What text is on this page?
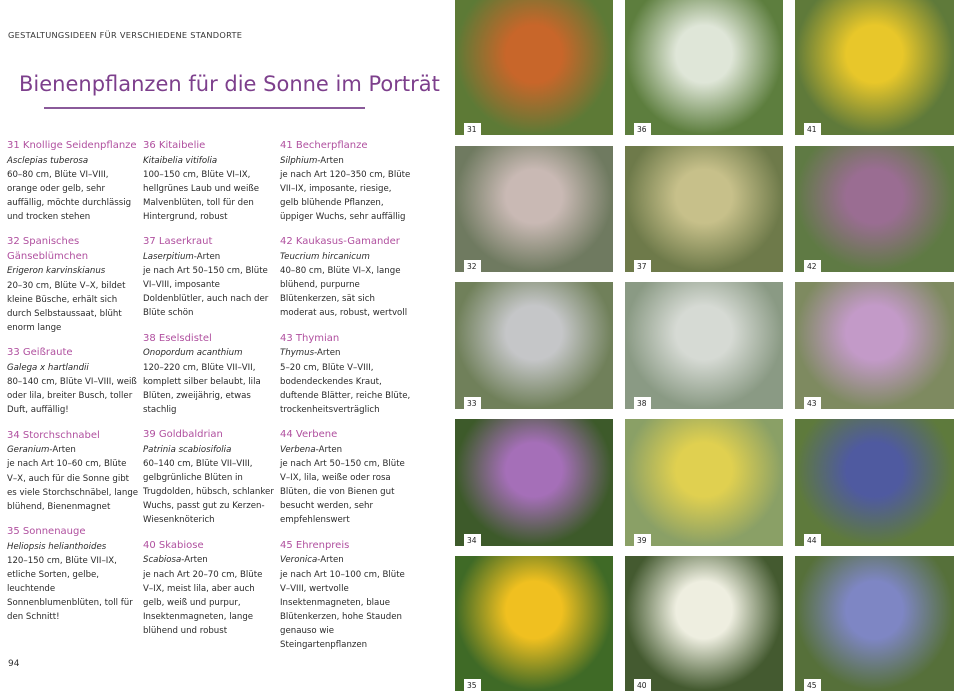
GESTALTUNGSIDEEN FÜR VERSCHIEDENE STANDORTE
Bienenpflanzen für die Sonne im Porträt
31 Knollige Seidenpflanze
Asclepias tuberosa
60–80 cm, Blüte VI–VIII, orange oder gelb, sehr auffällig, möchte durchlässig und trocken stehen
32 Spanisches Gänseblümchen
Erigeron karvinskianus
20–30 cm, Blüte V–X, bildet kleine Büsche, erhält sich durch Selbstaussaat, blüht enorm lange
33 Geißraute
Galega x hartlandii
80–140 cm, Blüte VI–VIII, weiß oder lila, breiter Busch, toller Duft, auffällig!
34 Storchschnabel
Geranium-Arten
je nach Art 10–60 cm, Blüte V–X, auch für die Sonne gibt es viele Storchschnäbel, lange blühend, Bienenmagnet
35 Sonnenauge
Heliopsis helianthoides
120–150 cm, Blüte VII–IX, etliche Sorten, gelbe, leuchtende Sonnenblumenblüten, toll für den Schnitt!
36 Kitaibelie
Kitaibelia vitifolia
100–150 cm, Blüte VI–IX, hellgrünes Laub und weiße Malvenblüten, toll für den Hintergrund, robust
37 Laserkraut
Laserpitium-Arten
je nach Art 50–150 cm, Blüte VI–VIII, imposante Doldenblütler, auch nach der Blüte schön
38 Eselsdistel
Onopordum acanthium
120–220 cm, Blüte VII–VII, komplett silber belaubt, lila Blüten, zweijährig, etwas stachlig
39 Goldbaldrian
Patrinia scabiosifolia
60–140 cm, Blüte VII–VIII, gelbgrünliche Blüten in Trugdolden, hübsch, schlanker Wuchs, passt gut zu Kerzen-Wiesenknöterich
40 Skabiose
Scabiosa-Arten
je nach Art 20–70 cm, Blüte V–IX, meist lila, aber auch gelb, weiß und purpur, Insektenmagneten, lange blühend und robust
41 Becherpflanze
Silphium-Arten
je nach Art 120–350 cm, Blüte VII–IX, imposante, riesige, gelb blühende Pflanzen, üppiger Wuchs, sehr auffällig
42 Kaukasus-Gamander
Teucrium hircanicum
40–80 cm, Blüte VI–X, lange blühend, purpurne Blütenkerzen, sät sich moderat aus, robust, wertvoll
43 Thymian
Thymus-Arten
5–20 cm, Blüte V–VIII, bodendeckendes Kraut, duftende Blätter, reiche Blüte, trockenheitsverträglich
44 Verbene
Verbena-Arten
je nach Art 50–150 cm, Blüte V–IX, lila, weiße oder rosa Blüten, die von Bienen gut besucht werden, sehr empfehlenswert
45 Ehrenpreis
Veronica-Arten
je nach Art 10–100 cm, Blüte V–VIII, wertvolle Insektenmagneten, blaue Blütenkerzen, hohe Stauden genauso wie Steingartenpflanzen
94
31	36	41
32	37	42
33	38	43
34	39	44
35	40	45
